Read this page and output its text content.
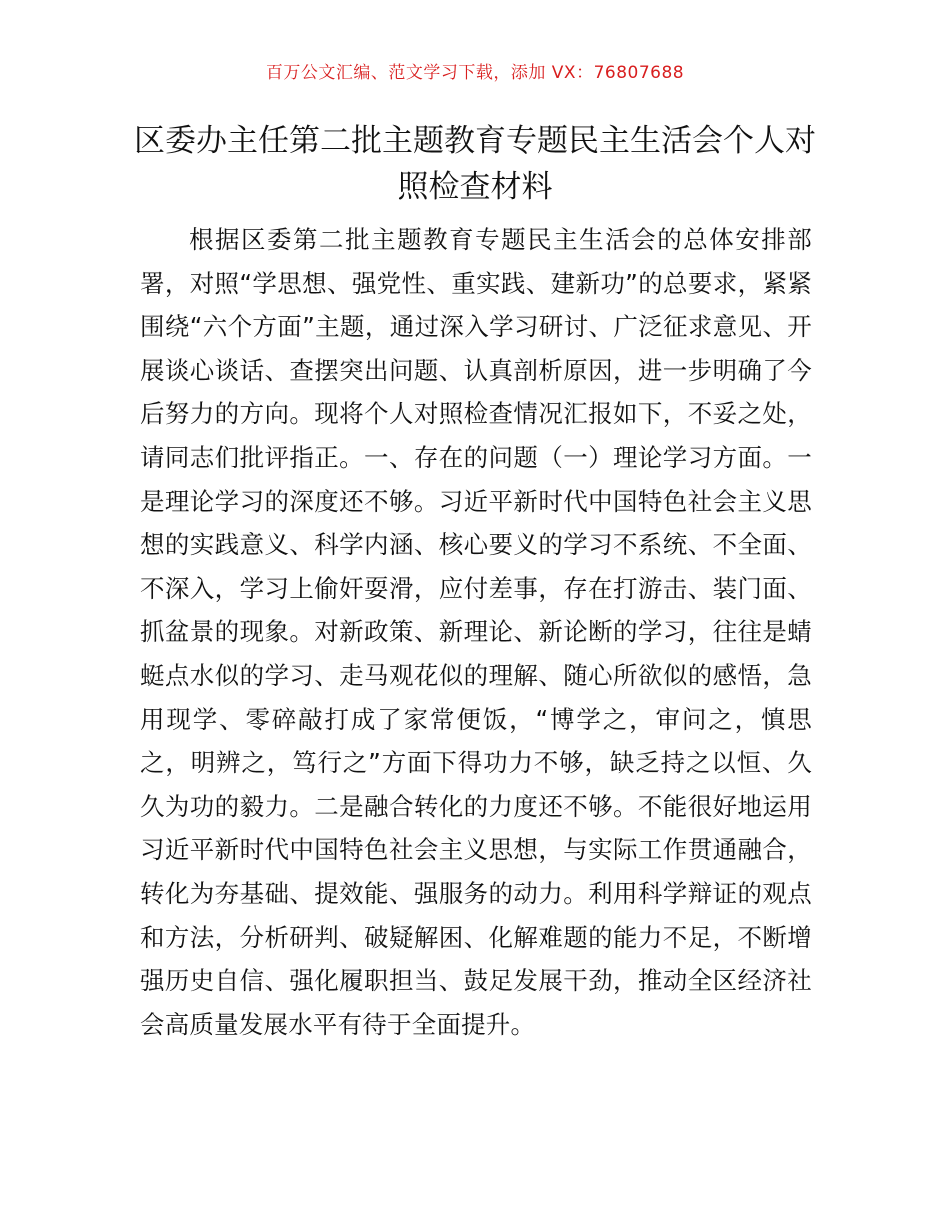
百万公文汇编、范文学习下载，添加 VX：76807688
区委办主任第二批主题教育专题民主生活会个人对照检查材料

根据区委第二批主题教育专题民主生活会的总体安排部署，对照“学思想、强党性、重实践、建新功”的总要求，紧紧围绕“六个方面”主题，通过深入学习研讨、广泛征求意见、开展谈心谈话、查摆突出问题、认真剖析原因，进一步明确了今后努力的方向。现将个人对照检查情况汇报如下，不妥之处，请同志们批评指正。一、存在的问题（一）理论学习方面。一是理论学习的深度还不够。习近平新时代中国特色社会主义思想的实践意义、科学内涵、核心要义的学习不系统、不全面、不深入，学习上偷奸耍滑，应付差事，存在打游击、装门面、抓盆景的现象。对新政策、新理论、新论断的学习，往往是蜻蜓点水似的学习、走马观花似的理解、随心所欲似的感悟，急用现学、零碎敲打成了家常便饭，“博学之，审问之，慎思之，明辨之，笃行之”方面下得功力不够，缺乏持之以恒、久久为功的毅力。二是融合转化的力度还不够。不能很好地运用习近平新时代中国特色社会主义思想，与实际工作贯通融合，转化为夯基础、提效能、强服务的动力。利用科学辩证的观点和方法，分析研判、破疑解困、化解难题的能力不足，不断增强历史自信、强化履职担当、鼓足发展干劲，推动全区经济社会高质量发展水平有待于全面提升。
